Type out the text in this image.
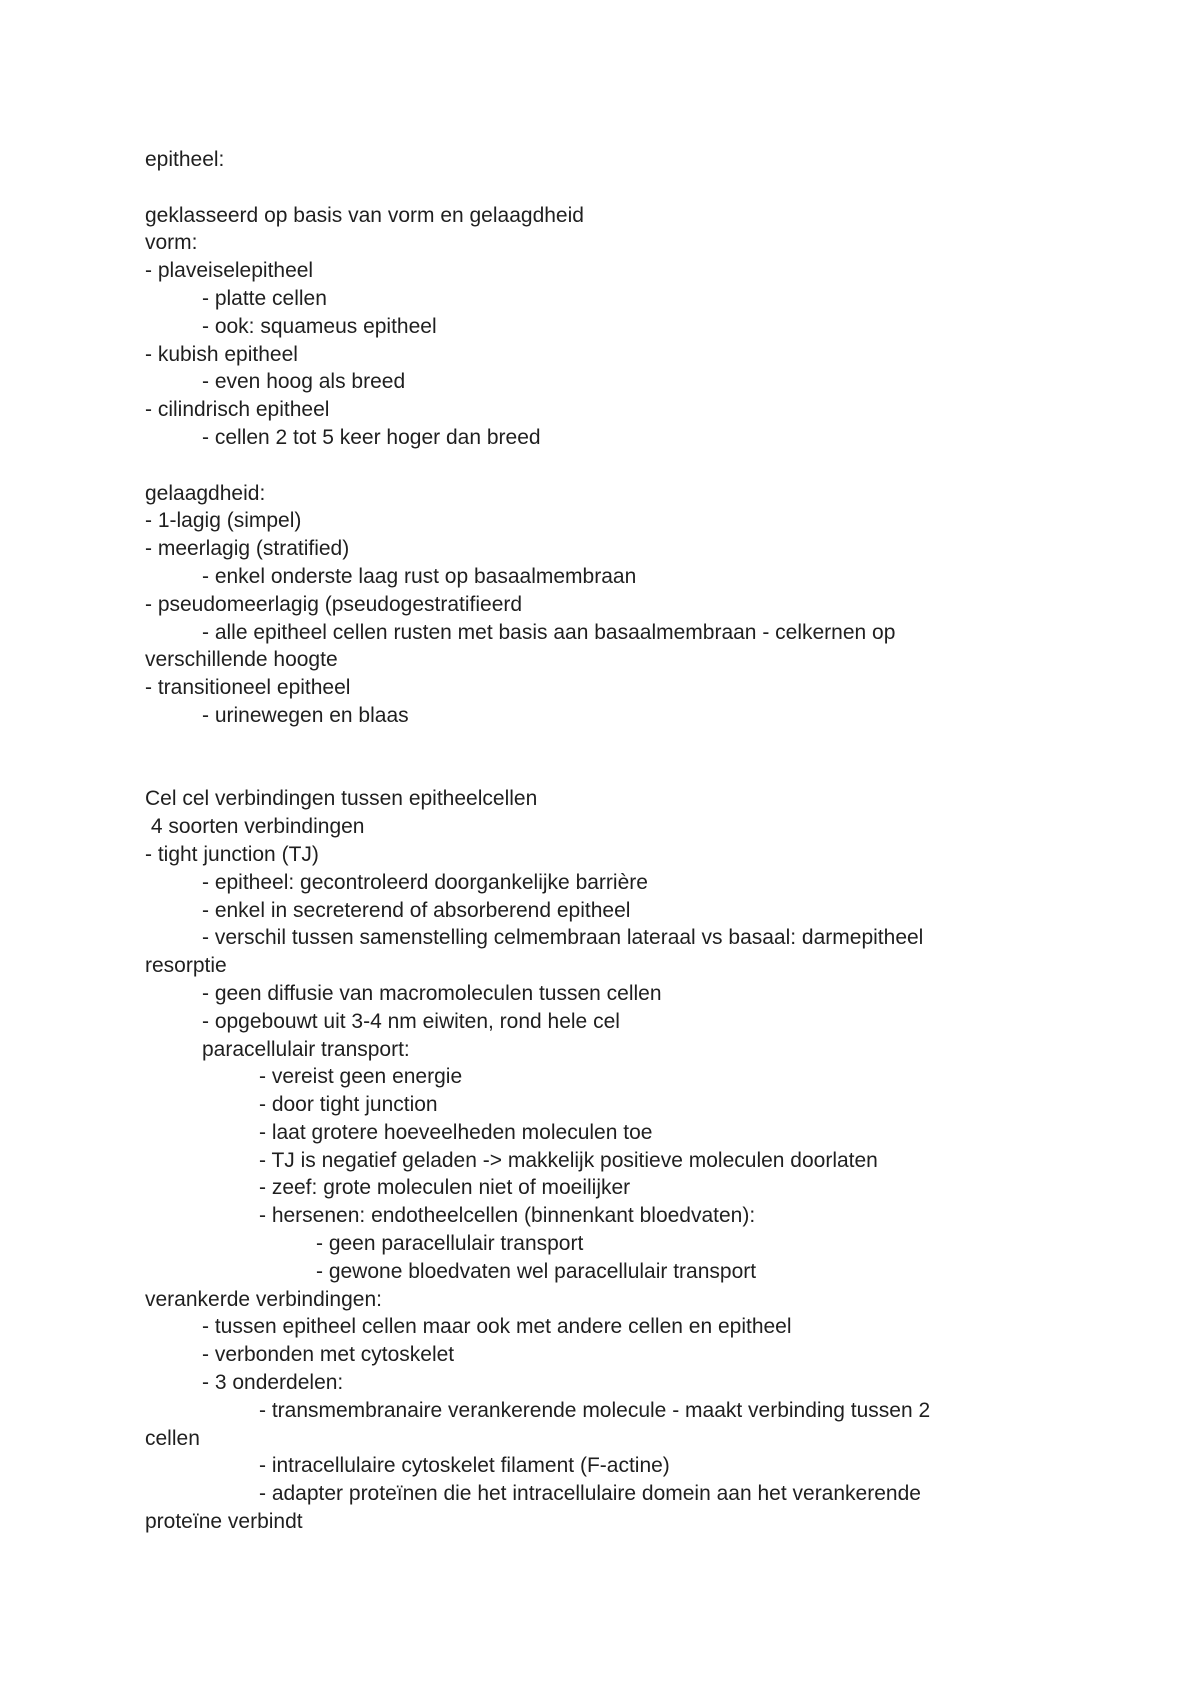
epitheel:
geklasseerd op basis van vorm en gelaagdheid
vorm:
- plaveiselepitheel
- platte cellen
- ook: squameus epitheel
- kubish epitheel
- even hoog als breed
- cilindrisch epitheel
- cellen 2 tot 5 keer hoger dan breed
gelaagdheid:
- 1-lagig (simpel)
- meerlagig (stratified)
- enkel onderste laag rust op basaalmembraan
- pseudomeerlagig (pseudogestratifieerd
- alle epitheel cellen rusten met basis aan basaalmembraan - celkernen op
verschillende hoogte
- transitioneel epitheel
- urinewegen en blaas
Cel cel verbindingen tussen epitheelcellen
4 soorten verbindingen
- tight junction (TJ)
- epitheel: gecontroleerd doorgankelijke barrière
- enkel in secreterend of absorberend epitheel
- verschil tussen samenstelling celmembraan lateraal vs basaal: darmepitheel
resorptie
- geen diffusie van macromoleculen tussen cellen
- opgebouwt uit 3-4 nm eiwiten, rond hele cel
paracellulair transport:
- vereist geen energie
- door tight junction
- laat grotere hoeveelheden moleculen toe
- TJ is negatief geladen -> makkelijk positieve moleculen doorlaten
- zeef: grote moleculen niet of moeilijker
- hersenen: endotheelcellen (binnenkant bloedvaten):
- geen paracellulair transport
- gewone bloedvaten wel paracellulair transport
verankerde verbindingen:
- tussen epitheel cellen maar ook met andere cellen en epitheel
- verbonden met cytoskelet
- 3 onderdelen:
- transmembranaire verankerende molecule - maakt verbinding tussen 2
cellen
- intracellulaire cytoskelet filament (F-actine)
- adapter proteïnen die het intracellulaire domein aan het verankerende
proteïne verbindt
